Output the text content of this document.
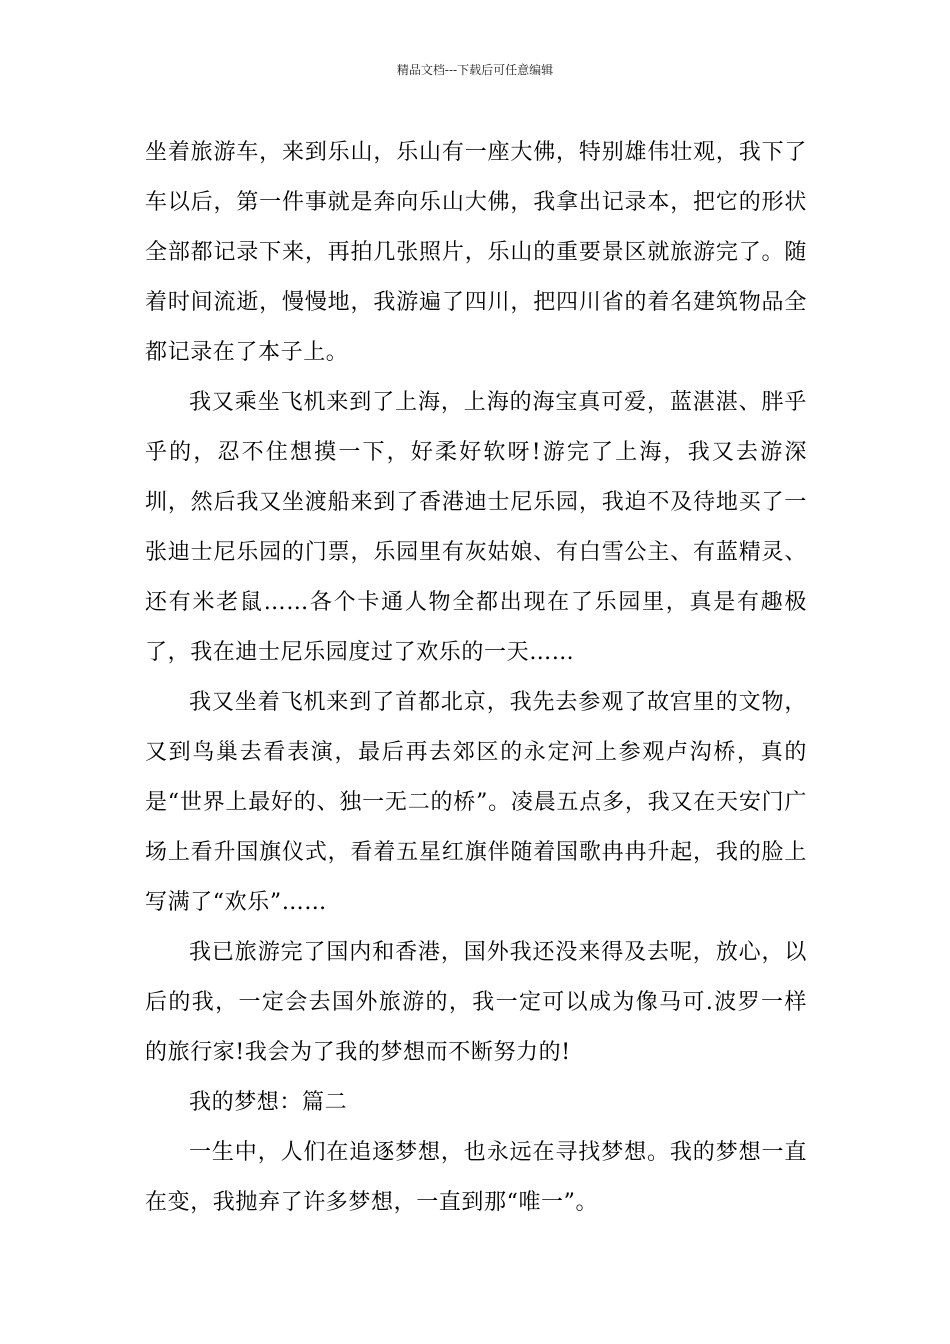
精品文档---下载后可任意编辑

坐着旅游车，来到乐山，乐山有一座大佛，特别雄伟壮观，我下了车以后，第一件事就是奔向乐山大佛，我拿出记录本，把它的形状全部都记录下来，再拍几张照片，乐山的重要景区就旅游完了。随着时间流逝，慢慢地，我游遍了四川，把四川省的着名建筑物品全都记录在了本子上。

我又乘坐飞机来到了上海，上海的海宝真可爱，蓝湛湛、胖乎乎的，忍不住想摸一下，好柔好软呀!游完了上海，我又去游深圳，然后我又坐渡船来到了香港迪士尼乐园，我迫不及待地买了一张迪士尼乐园的门票，乐园里有灰姑娘、有白雪公主、有蓝精灵、还有米老鼠……各个卡通人物全都出现在了乐园里，真是有趣极了，我在迪士尼乐园度过了欢乐的一天……

我又坐着飞机来到了首都北京，我先去参观了故宫里的文物，又到鸟巢去看表演，最后再去郊区的永定河上参观卢沟桥，真的是“世界上最好的、独一无二的桥”。凌晨五点多，我又在天安门广场上看升国旗仪式，看着五星红旗伴随着国歌冉冉升起，我的脸上写满了“欢乐”……

我已旅游完了国内和香港，国外我还没来得及去呢，放心，以后的我，一定会去国外旅游的，我一定可以成为像马可.波罗一样的旅行家!我会为了我的梦想而不断努力的!

我的梦想：篇二

一生中，人们在追逐梦想，也永远在寻找梦想。我的梦想一直在变，我抛弃了许多梦想，一直到那“唯一”。
